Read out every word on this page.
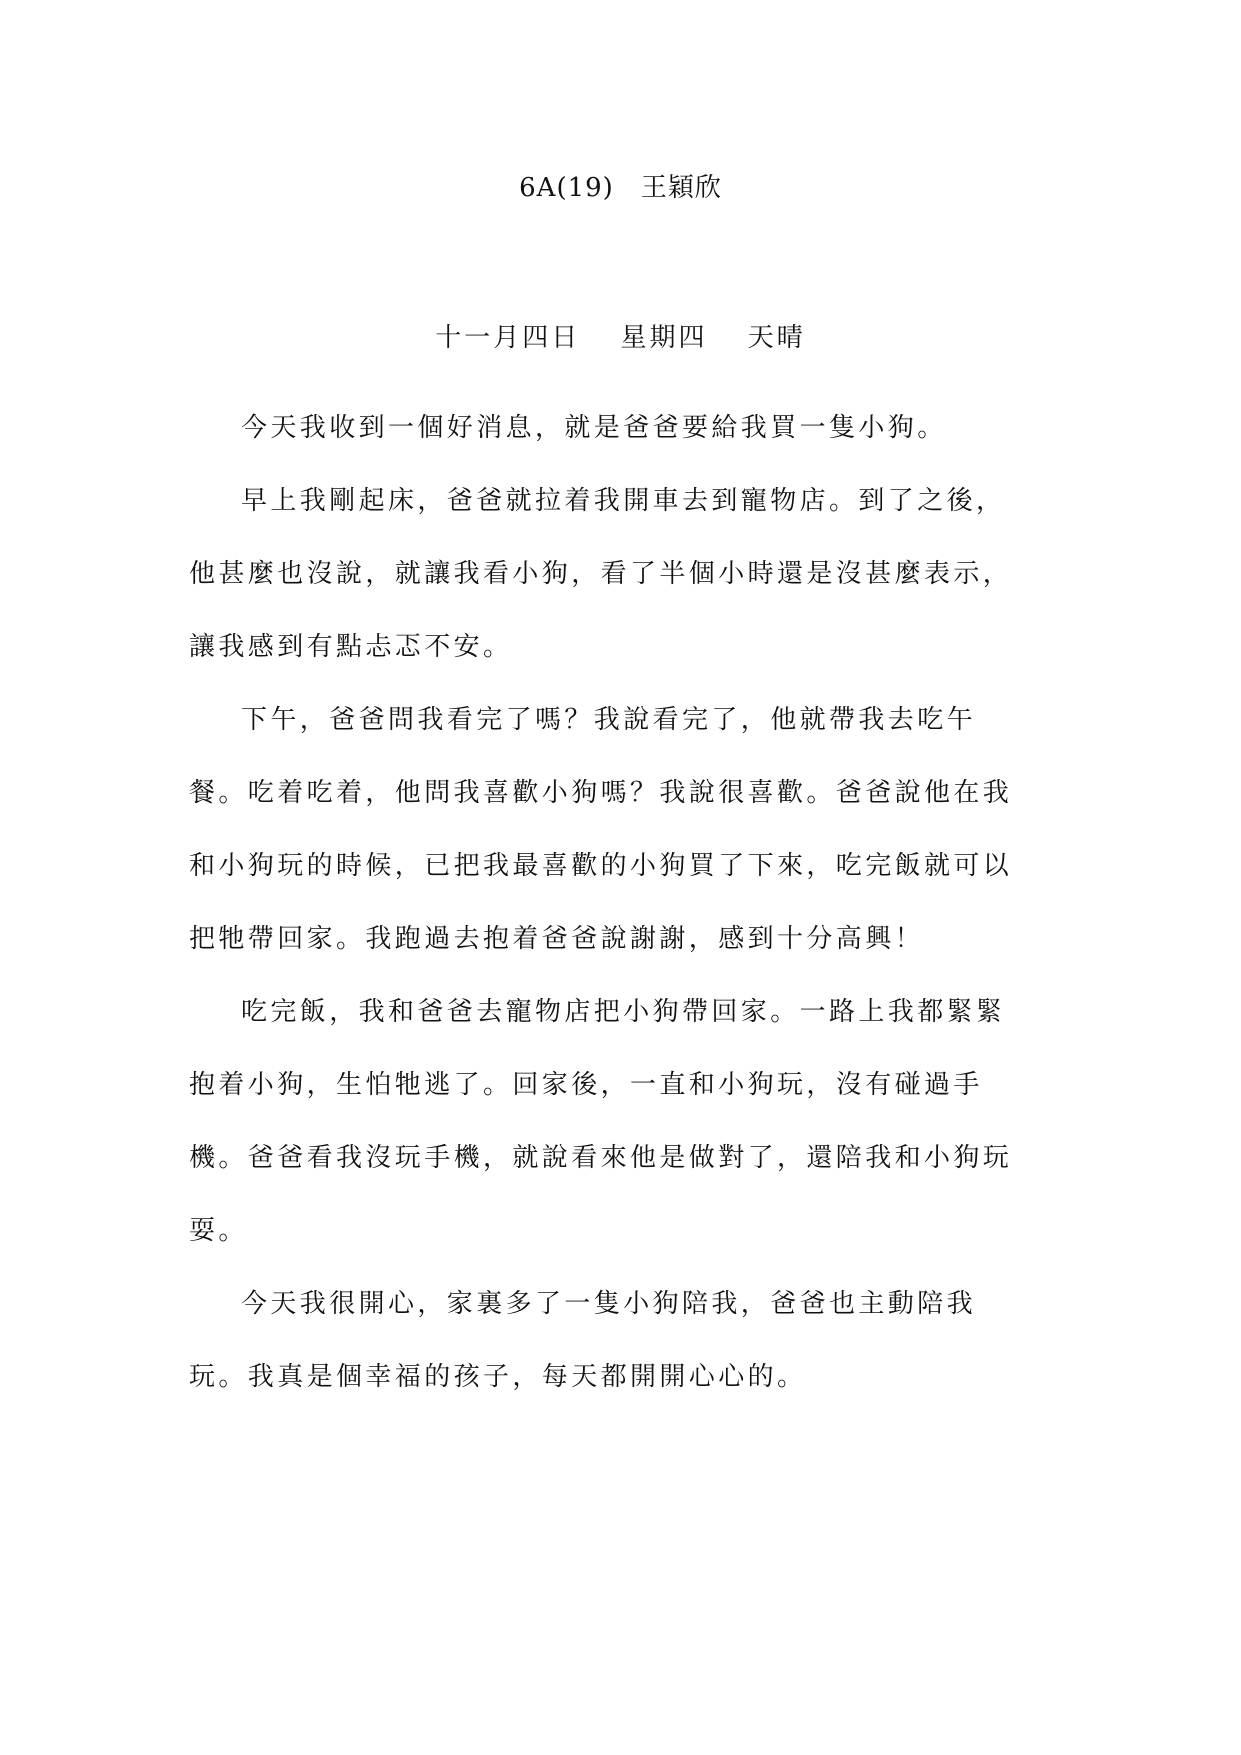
6A(19)　王穎欣
十一月四日　 星期四　 天晴

今天我收到一個好消息，就是爸爸要給我買一隻小狗。

早上我剛起床，爸爸就拉着我開車去到寵物店。到了之後，他甚麼也沒說，就讓我看小狗，看了半個小時還是沒甚麼表示，讓我感到有點忐忑不安。

下午，爸爸問我看完了嗎？我說看完了，他就帶我去吃午餐。吃着吃着，他問我喜歡小狗嗎？我說很喜歡。爸爸說他在我和小狗玩的時候，已把我最喜歡的小狗買了下來，吃完飯就可以把牠帶回家。我跑過去抱着爸爸說謝謝，感到十分高興！

吃完飯，我和爸爸去寵物店把小狗帶回家。一路上我都緊緊抱着小狗，生怕牠逃了。回家後，一直和小狗玩，沒有碰過手機。爸爸看我沒玩手機，就說看來他是做對了，還陪我和小狗玩耍。

今天我很開心，家裏多了一隻小狗陪我，爸爸也主動陪我玩。我真是個幸福的孩子，每天都開開心心的。
